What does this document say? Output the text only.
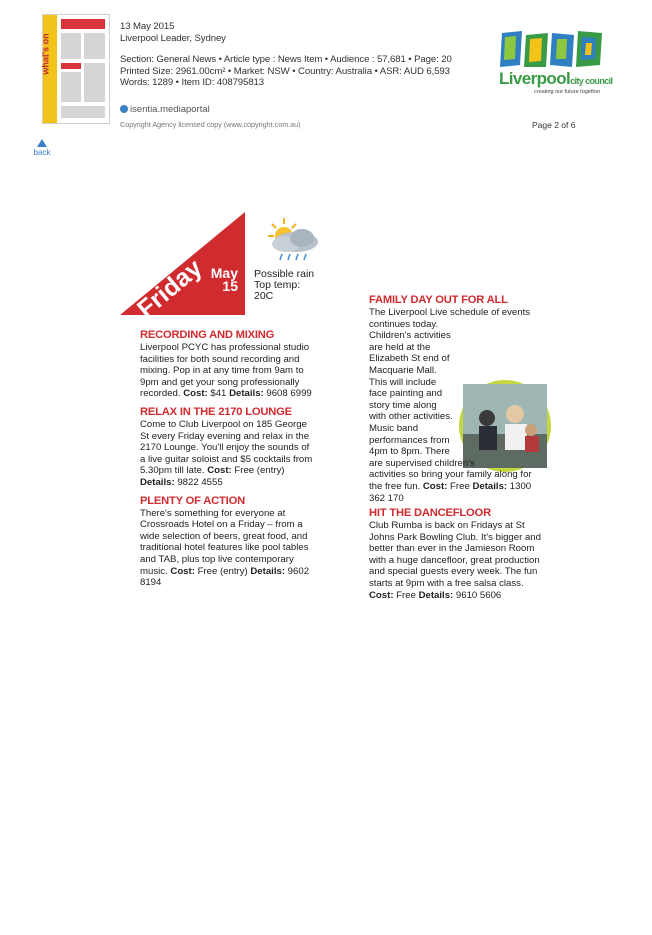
what's on
13 May 2015
Liverpool Leader, Sydney
Section: General News • Article type : News Item • Audience : 57,681 • Page: 20
Printed Size: 2961.00cm² • Market: NSW • Country: Australia • ASR: AUD 6,593
Words: 1289 • Item ID: 408795813
isentia.mediaportal
Copyright Agency licensed copy (www.copyright.com.au)	Page 2 of 6
Liverpoolcity council
creating our future together
back
Friday May
15
Possible rain
Top temp:
20C
RECORDING AND MIXING

Liverpool PCYC has professional studio facilities for both sound recording and mixing. Pop in at any time from 9am to 9pm and get your song professionally recorded. Cost: $41 Details: 9608 6999

RELAX IN THE 2170 LOUNGE

Come to Club Liverpool on 185 George St every Friday evening and relax in the 2170 Lounge. You'll enjoy the sounds of a live guitar soloist and $5 cocktails from 5.30pm till late. Cost: Free (entry) Details: 9822 4555

PLENTY OF ACTION

There's something for everyone at Crossroads Hotel on a Friday – from a wide selection of beers, great food, and traditional hotel features like pool tables and TAB, plus top live contemporary music. Cost: Free (entry) Details: 9602 8194

FAMILY DAY OUT FOR ALL

The Liverpool Live schedule of events continues today. Children's activities are held at the Elizabeth St end of Macquarie Mall. This will include face painting and story time along with other activities. Music band performances from 4pm to 8pm. There are supervised children's activities so bring your family along for the free fun. Cost: Free Details: 1300 362 170

HIT THE DANCEFLOOR

Club Rumba is back on Fridays at St Johns Park Bowling Club. It's bigger and better than ever in the Jamieson Room with a huge dancefloor, great production and special guests every week. The fun starts at 9pm with a free salsa class. Cost: Free Details: 9610 5606
